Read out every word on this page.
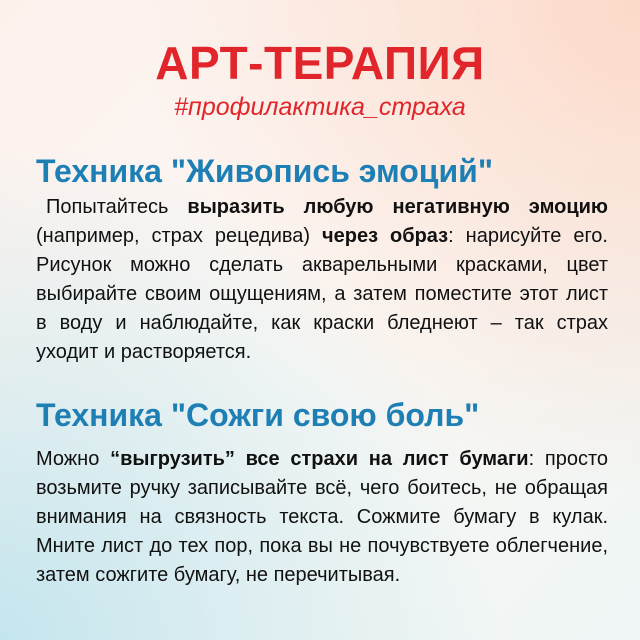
АРТ-ТЕРАПИЯ
#профилактика_страха
Техника "Живопись эмоций"
Попытайтесь выразить любую негативную эмоцию (например, страх рецедива) через образ: нарисуйте его. Рисунок можно сделать акварельными красками, цвет выбирайте своим ощущениям, а затем поместите этот лист в воду и наблюдайте, как краски бледнеют – так страх уходит и растворяется.
Техника "Сожги свою боль"
Можно “выгрузить” все страхи на лист бумаги: просто возьмите ручку записывайте всё, чего боитесь, не обращая внимания на связность текста. Сожмите бумагу в кулак. Мните лист до тех пор, пока вы не почувствуете облегчение, затем сожгите бумагу, не перечитывая.
